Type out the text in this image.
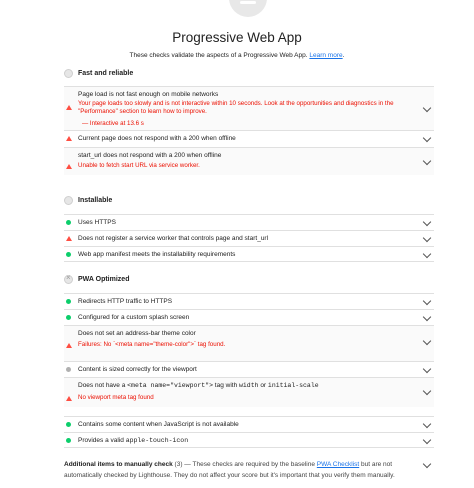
Progressive Web App
These checks validate the aspects of a Progressive Web App. Learn more.
Fast and reliable
Page load is not fast enough on mobile networks
Your page loads too slowly and is not interactive within 10 seconds. Look at the opportunities and diagnostics in the "Performance" section to learn how to improve.
— Interactive at 13.6 s
Current page does not respond with a 200 when offline
start_url does not respond with a 200 when offline
Unable to fetch start URL via service worker.
Installable
Uses HTTPS
Does not register a service worker that controls page and start_url
Web app manifest meets the installability requirements
×
PWA Optimized
Redirects HTTP traffic to HTTPS
Configured for a custom splash screen
Does not set an address-bar theme color
Failures: No `<meta name="theme-color">` tag found.
Content is sized correctly for the viewport
Does not have a <meta name="viewport"> tag with width or initial-scale
No viewport meta tag found
Contains some content when JavaScript is not available
Provides a valid apple-touch-icon
Additional items to manually check (3) — These checks are required by the baseline PWA Checklist but are not automatically checked by Lighthouse. They do not affect your score but it's important that you verify them manually.
